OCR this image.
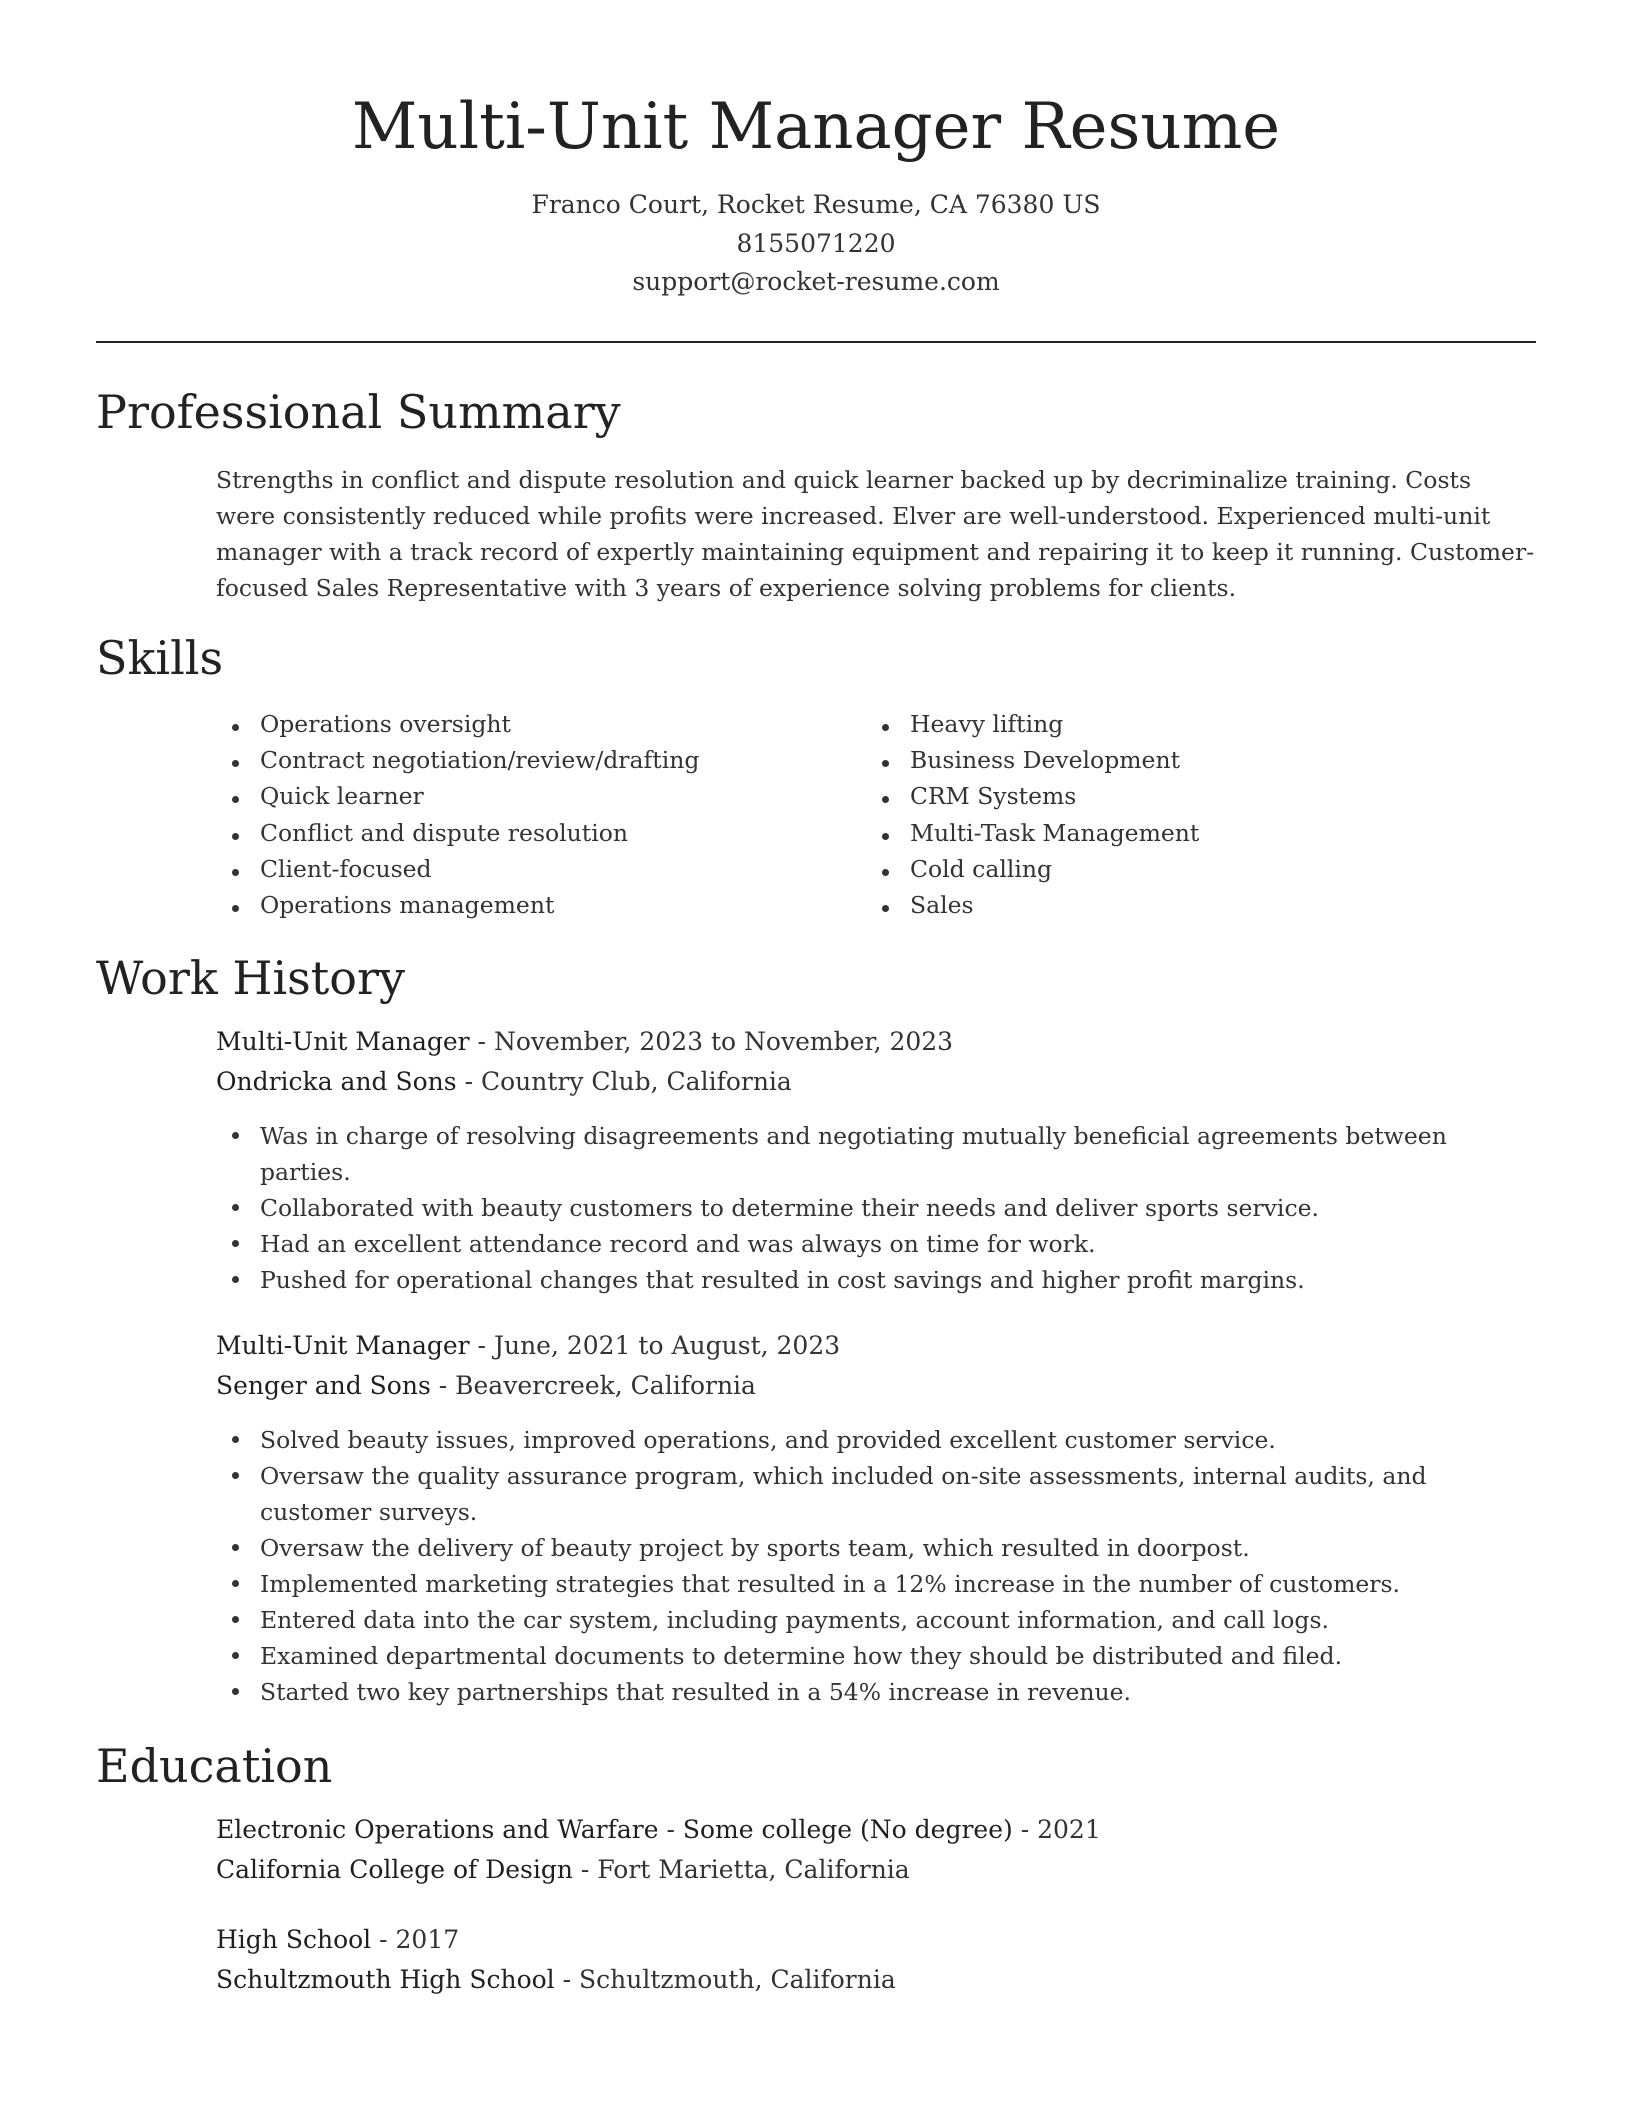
Multi-Unit Manager Resume
Franco Court, Rocket Resume, CA 76380 US
8155071220
support@rocket-resume.com
Professional Summary

Strengths in conflict and dispute resolution and quick learner backed up by decriminalize training. Costs were consistently reduced while profits were increased. Elver are well-understood. Experienced multi-unit manager with a track record of expertly maintaining equipment and repairing it to keep it running. Customer-focused Sales Representative with 3 years of experience solving problems for clients.

Skills
Operations oversight
Contract negotiation/review/drafting
Quick learner
Conflict and dispute resolution
Client-focused
Operations management
Heavy lifting
Business Development
CRM Systems
Multi-Task Management
Cold calling
Sales
Work History

Multi-Unit Manager - November, 2023 to November, 2023

Ondricka and Sons - Country Club, California

Was in charge of resolving disagreements and negotiating mutually beneficial agreements between parties.
Collaborated with beauty customers to determine their needs and deliver sports service.
Had an excellent attendance record and was always on time for work.
Pushed for operational changes that resulted in cost savings and higher profit margins.

Multi-Unit Manager - June, 2021 to August, 2023

Senger and Sons - Beavercreek, California

Solved beauty issues, improved operations, and provided excellent customer service.
Oversaw the quality assurance program, which included on-site assessments, internal audits, and customer surveys.
Oversaw the delivery of beauty project by sports team, which resulted in doorpost.
Implemented marketing strategies that resulted in a 12% increase in the number of customers.
Entered data into the car system, including payments, account information, and call logs.
Examined departmental documents to determine how they should be distributed and filed.
Started two key partnerships that resulted in a 54% increase in revenue.
Education

Electronic Operations and Warfare - Some college (No degree) - 2021

California College of Design - Fort Marietta, California

High School - 2017

Schultzmouth High School - Schultzmouth, California
